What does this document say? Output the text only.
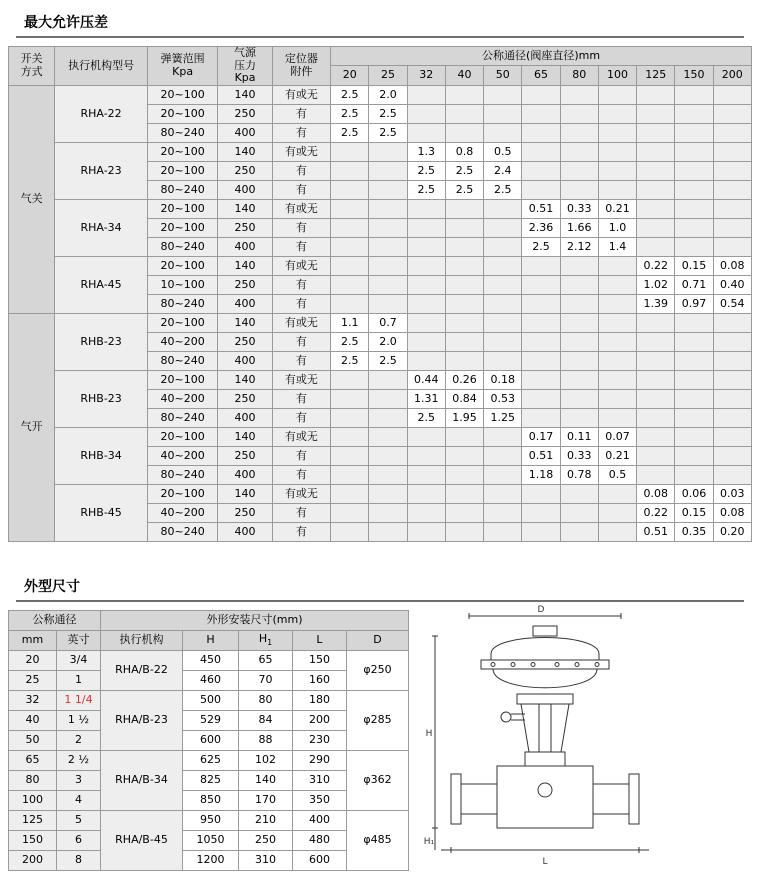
最大允许压差
开关
方式	执行机构型号	弹簧范围
Kpa	气源
压力
Kpa	定位器
附件	公称通径(阀座直径)mm										
					20	25	32	40	50	65	80	100	125	150	200
气关	RHA-22	20~100	140	有或无	2.5	2.0									
		20~100	250	有	2.5	2.5									
		80~240	400	有	2.5	2.5									
	RHA-23	20~100	140	有或无			1.3	0.8	0.5						
		20~100	250	有			2.5	2.5	2.4						
		80~240	400	有			2.5	2.5	2.5						
	RHA-34	20~100	140	有或无						0.51	0.33	0.21			
		20~100	250	有						2.36	1.66	1.0			
		80~240	400	有						2.5	2.12	1.4			
	RHA-45	20~100	140	有或无									0.22	0.15	0.08
		10~100	250	有									1.02	0.71	0.40
		80~240	400	有									1.39	0.97	0.54
气开	RHB-23	20~100	140	有或无	1.1	0.7									
		40~200	250	有	2.5	2.0									
		80~240	400	有	2.5	2.5									
	RHB-23	20~100	140	有或无			0.44	0.26	0.18						
		40~200	250	有			1.31	0.84	0.53						
		80~240	400	有			2.5	1.95	1.25						
	RHB-34	20~100	140	有或无						0.17	0.11	0.07			
		40~200	250	有						0.51	0.33	0.21			
		80~240	400	有						1.18	0.78	0.5			
	RHB-45	20~100	140	有或无									0.08	0.06	0.03
		40~200	250	有									0.22	0.15	0.08
		80~240	400	有									0.51	0.35	0.20
外型尺寸
公称通径		外形安装尺寸(mm)				
mm	英寸	执行机构	H	$H_1$	L	D
20	3/4	RHA/B-22	450	65	150	φ250
25	1		460	70	160	
32	1 1/4	RHA/B-23	500	80	180	φ285
40	1 ½		529	84	200	
50	2		600	88	230	
65	2 ½	RHA/B-34	625	102	290	φ362
80	3		825	140	310	
100	4		850	170	350	
125	5	RHA/B-45	950	210	400	φ485
150	6		1050	250	480	
200	8		1200	310	600	
D
H
H₁
L
